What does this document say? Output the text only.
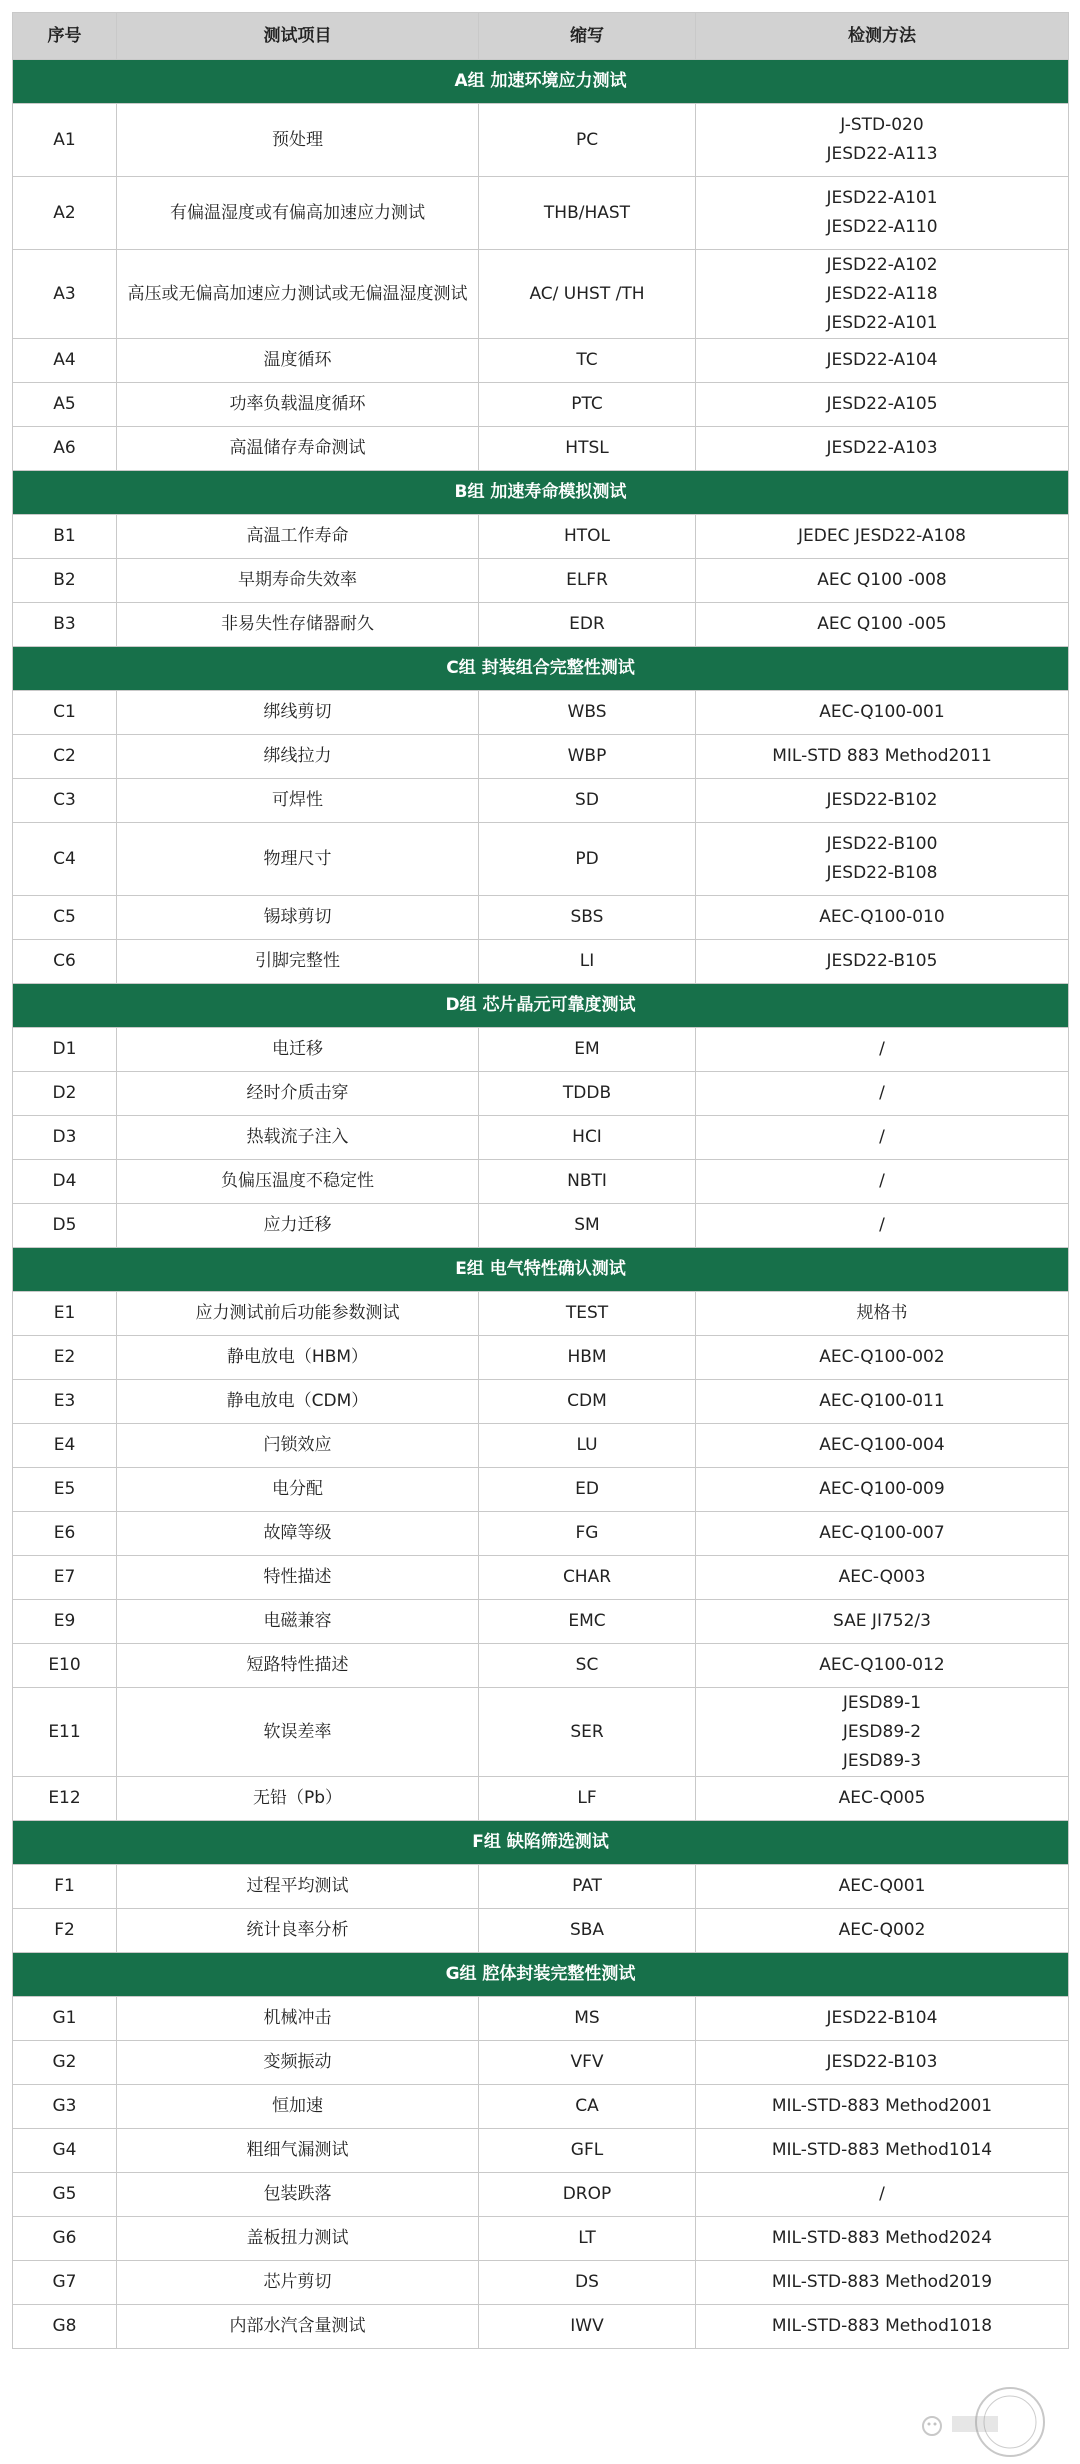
序号	测试项目	缩写	检测方法
A组 加速环境应力测试			
A1	预处理	PC	J-STD-020
JESD22-A113

A2	有偏温湿度或有偏高加速应力测试	THB/HAST	JESD22-A101
JESD22-A110

A3	高压或无偏高加速应力测试或无偏温湿度测试	AC/ UHST /TH	JESD22-A102
JESD22-A118
JESD22-A101

A4	温度循环	TC	JESD22-A104

A5	功率负载温度循环	PTC	JESD22-A105

A6	高温储存寿命测试	HTSL	JESD22-A103

B组 加速寿命模拟测试			
B1	高温工作寿命	HTOL	JEDEC JESD22-A108

B2	早期寿命失效率	ELFR	AEC Q100 -008

B3	非易失性存储器耐久	EDR	AEC Q100 -005

C组 封装组合完整性测试			
C1	绑线剪切	WBS	AEC-Q100-001

C2	绑线拉力	WBP	MIL-STD 883 Method2011

C3	可焊性	SD	JESD22-B102

C4	物理尺寸	PD	JESD22-B100
JESD22-B108

C5	锡球剪切	SBS	AEC-Q100-010

C6	引脚完整性	LI	JESD22-B105

D组 芯片晶元可靠度测试			
D1	电迁移	EM	/

D2	经时介质击穿	TDDB	/

D3	热载流子注入	HCI	/

D4	负偏压温度不稳定性	NBTI	/

D5	应力迁移	SM	/

E组 电气特性确认测试			
E1	应力测试前后功能参数测试	TEST	规格书

E2	静电放电（HBM）	HBM	AEC-Q100-002

E3	静电放电（CDM）	CDM	AEC-Q100-011

E4	闩锁效应	LU	AEC-Q100-004

E5	电分配	ED	AEC-Q100-009

E6	故障等级	FG	AEC-Q100-007

E7	特性描述	CHAR	AEC-Q003

E9	电磁兼容	EMC	SAE JI752/3

E10	短路特性描述	SC	AEC-Q100-012

E11	软误差率	SER	JESD89-1
JESD89-2
JESD89-3

E12	无铅（Pb）	LF	AEC-Q005

F组 缺陷筛选测试			
F1	过程平均测试	PAT	AEC-Q001

F2	统计良率分析	SBA	AEC-Q002

G组 腔体封装完整性测试			
G1	机械冲击	MS	JESD22-B104

G2	变频振动	VFV	JESD22-B103

G3	恒加速	CA	MIL-STD-883 Method2001

G4	粗细气漏测试	GFL	MIL-STD-883 Method1014

G5	包装跌落	DROP	/

G6	盖板扭力测试	LT	MIL-STD-883 Method2024

G7	芯片剪切	DS	MIL-STD-883 Method2019

G8	内部水汽含量测试	IWV	MIL-STD-883 Method1018
